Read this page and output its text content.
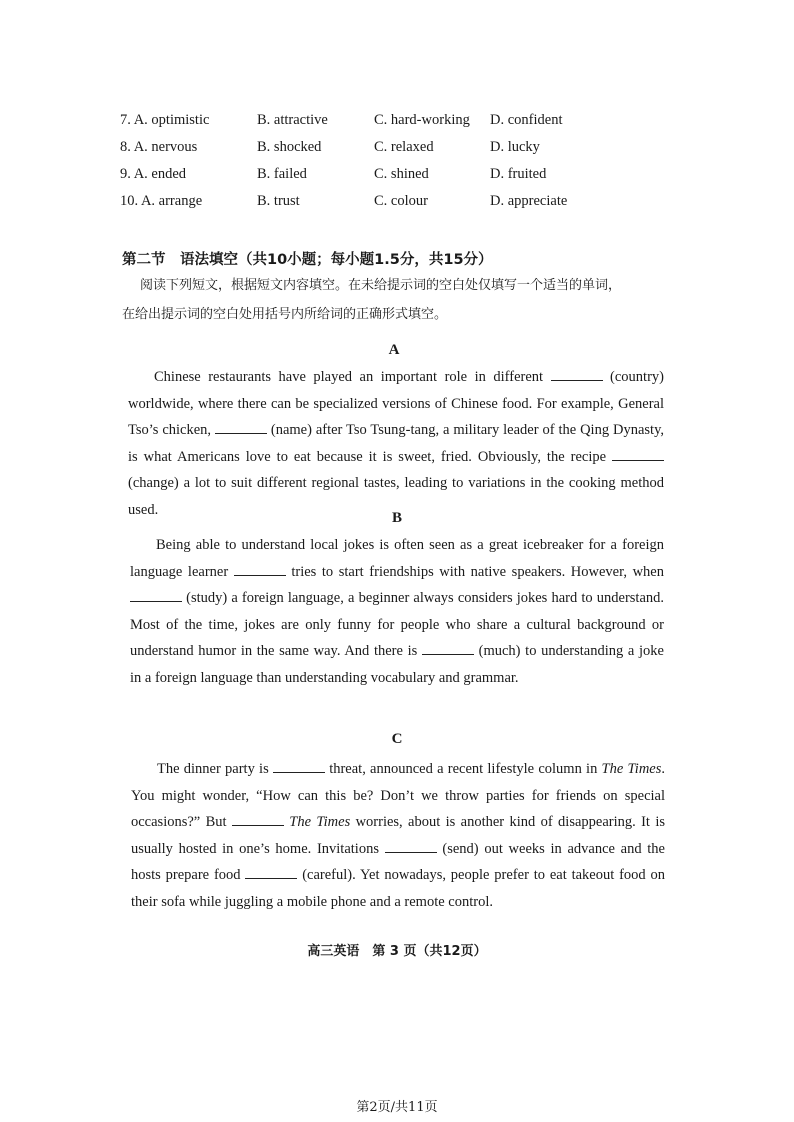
7. A. optimistic	B. attractive	C. hard-working D. confident
8. A. nervous	B. shocked	C. relaxed	D. lucky
9. A. ended	B. failed	C. shined	D. fruited
10. A. arrange	B. trust	C. colour	D. appreciate
第二节　语法填空（共10小题；每小题1.5分，共15分）
阅读下列短文，根据短文内容填空。在未给提示词的空白处仅填写一个适当的单词，
在给出提示词的空白处用括号内所给词的正确形式填空。
A

Chinese restaurants have played an important role in different	(country) worldwide, where there can be specialized versions of Chinese food. For example, General Tso’s chicken,	(name) after Tso Tsung-tang, a military leader of the Qing Dynasty, is what Americans love to eat because it is sweet, fried. Obviously, the recipe  (change) a lot to suit different regional tastes, leading to variations in the cooking method used.

B

Being able to understand local jokes is often seen as a great icebreaker for a foreign language learner	tries to start friendships with native speakers. However, when  (study) a foreign language, a beginner always considers jokes hard to understand. Most of the time, jokes are only funny for people who share a cultural background or understand humor in the same way. And there is	(much) to understanding a joke in a foreign language than understanding vocabulary and grammar.

C

The dinner party is	threat, announced a recent lifestyle column in The Times. You might wonder, “How can this be? Don’t we throw parties for friends on special occasions?” But	The Times worries, about is another kind of disappearing. It is usually hosted in one’s home. Invitations	(send) out weeks in advance and the hosts prepare food	(careful). Yet nowadays, people prefer to eat takeout food on their sofa while juggling a mobile phone and a remote control.

高三英语　第 3 页（共12页）
第2页/共11页
